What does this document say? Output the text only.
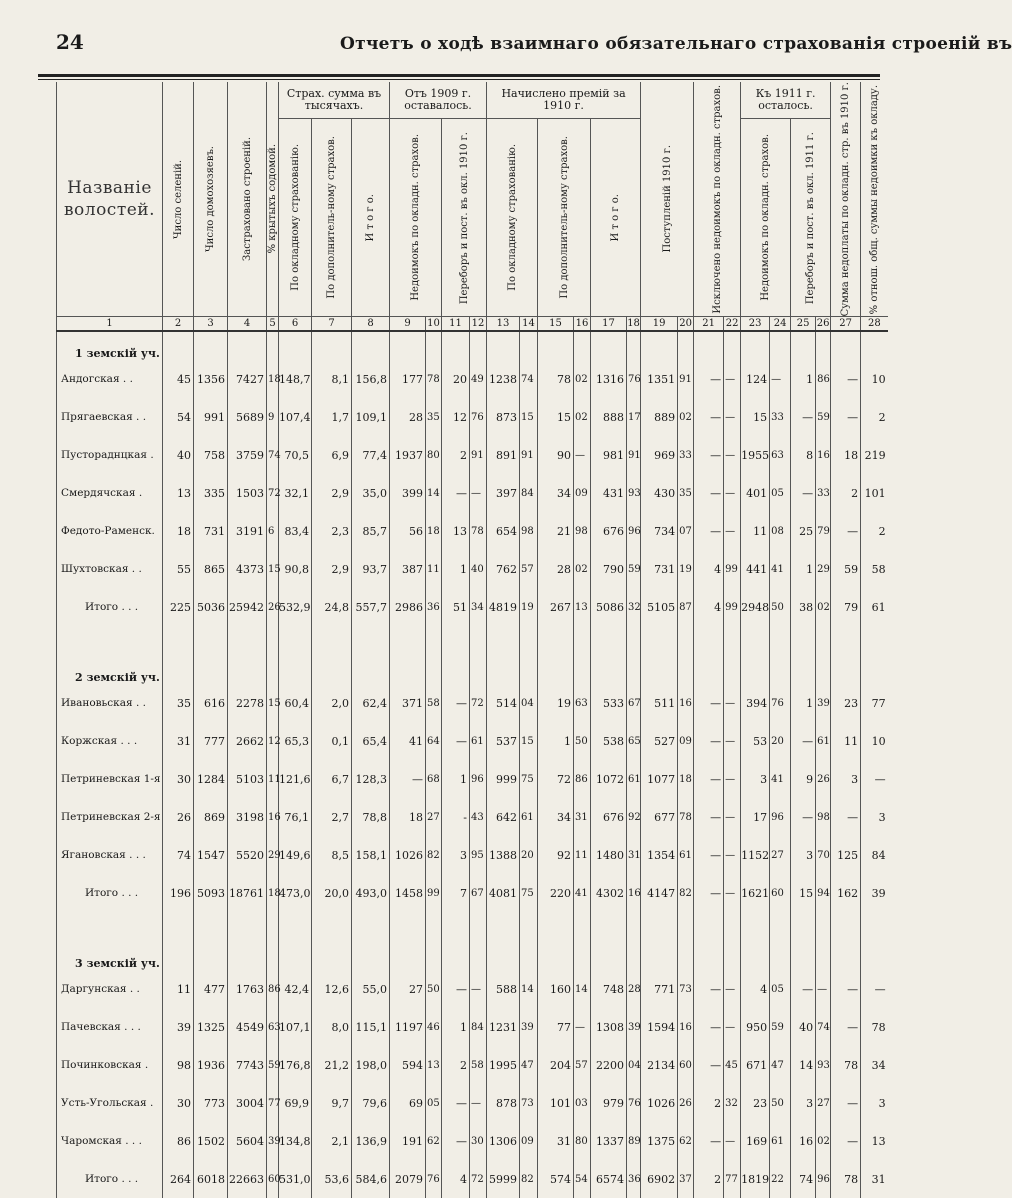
24	Отчетъ о ходѣ взаимнаго обязательнаго страхованія строеній въ
Названіе волостей.	Число селеній.	Число домохозяевъ.	Застраховано строеній.	% крытыхъ содомой.	Страх. сумма въ тысячахъ.			Отъ 1909 г. оставалось.				Начислено премій за 1910 г.						Поступленій 1910 г.		Исключено недоимокъ по окладн. страхов.		Къ 1911 г. осталось.				Сумма недоплаты по окладн. стр. въ 1910 г.	% отнош. общ. суммы недоимки къ окладу.

					По окладному страхованію.	По дополнитель-ному страхов.	И т о г о.	Недоимокъ по окладн. страхов.		Переборъ и пост. въ окл. 1910 г.		По окладному страхованію.		По дополнитель-ному страхов.		И т о г о.						Недоимокъ по окладн. страхов.		Переборъ и пост. въ окл. 1911 г.			

1	2	3	4	5	6	7	8	9	10	11	12	13	14	15	16	17	18	19	20	21	22	23	24	25	26	27	28
1 земскій уч.																											
Андогская . .	45	1356	7427	18	148,7	8,1	156,8	177	78	20	49	1238	74	78	02	1316	76	1351	91	—	—	124	—	1	86	—	10
Прягаевская . .	54	991	5689	9	107,4	1,7	109,1	28	35	12	76	873	15	15	02	888	17	889	02	—	—	15	33	—	59	—	2
Пустораднцкая .	40	758	3759	74	70,5	6,9	77,4	1937	80	2	91	891	91	90	—	981	91	969	33	—	—	1955	63	8	16	18	219
Смердячская .	13	335	1503	72	32,1	2,9	35,0	399	14	—	—	397	84	34	09	431	93	430	35	—	—	401	05	—	33	2	101
Федото-Раменск.	18	731	3191	6	83,4	2,3	85,7	56	18	13	78	654	98	21	98	676	96	734	07	—	—	11	08	25	79	—	2
Шухтовская . .	55	865	4373	15	90,8	2,9	93,7	387	11	1	40	762	57	28	02	790	59	731	19	4	99	441	41	1	29	59	58
Итого . . .	225	5036	25942	26	532,9	24,8	557,7	2986	36	51	34	4819	19	267	13	5086	32	5105	87	4	99	2948	50	38	02	79	61

2 земскій уч.																											
Ивановьская . .	35	616	2278	15	60,4	2,0	62,4	371	58	—	72	514	04	19	63	533	67	511	16	—	—	394	76	1	39	23	77
Коржская . . .	31	777	2662	12	65,3	0,1	65,4	41	64	—	61	537	15	1	50	538	65	527	09	—	—	53	20	—	61	11	10
Петриневская 1-я	30	1284	5103	11	121,6	6,7	128,3	—	68	1	96	999	75	72	86	1072	61	1077	18	—	—	3	41	9	26	3	—
Петриневская 2-я	26	869	3198	16	76,1	2,7	78,8	18	27	-	43	642	61	34	31	676	92	677	78	—	—	17	96	—	98	—	3
Ягановская . . .	74	1547	5520	29	149,6	8,5	158,1	1026	82	3	95	1388	20	92	11	1480	31	1354	61	—	—	1152	27	3	70	125	84
Итого . . .	196	5093	18761	18	473,0	20,0	493,0	1458	99	7	67	4081	75	220	41	4302	16	4147	82	—	—	1621	60	15	94	162	39

3 земскій уч.																											
Даргунская . .	11	477	1763	86	42,4	12,6	55,0	27	50	—	—	588	14	160	14	748	28	771	73	—	—	4	05	—	—	—	—
Пачевская . . .	39	1325	4549	63	107,1	8,0	115,1	1197	46	1	84	1231	39	77	—	1308	39	1594	16	—	—	950	59	40	74	—	78
Починковская .	98	1936	7743	59	176,8	21,2	198,0	594	13	2	58	1995	47	204	57	2200	04	2134	60	—	45	671	47	14	93	78	34
Усть-Угольская .	30	773	3004	77	69,9	9,7	79,6	69	05	—	—	878	73	101	03	979	76	1026	26	2	32	23	50	3	27	—	3
Чаромская . . .	86	1502	5604	39	134,8	2,1	136,9	191	62	—	30	1306	09	31	80	1337	89	1375	62	—	—	169	61	16	02	—	13
Итого . . .	264	6018	22663	60	531,0	53,6	584,6	2079	76	4	72	5999	82	574	54	6574	36	6902	37	2	77	1819	22	74	96	78	31
